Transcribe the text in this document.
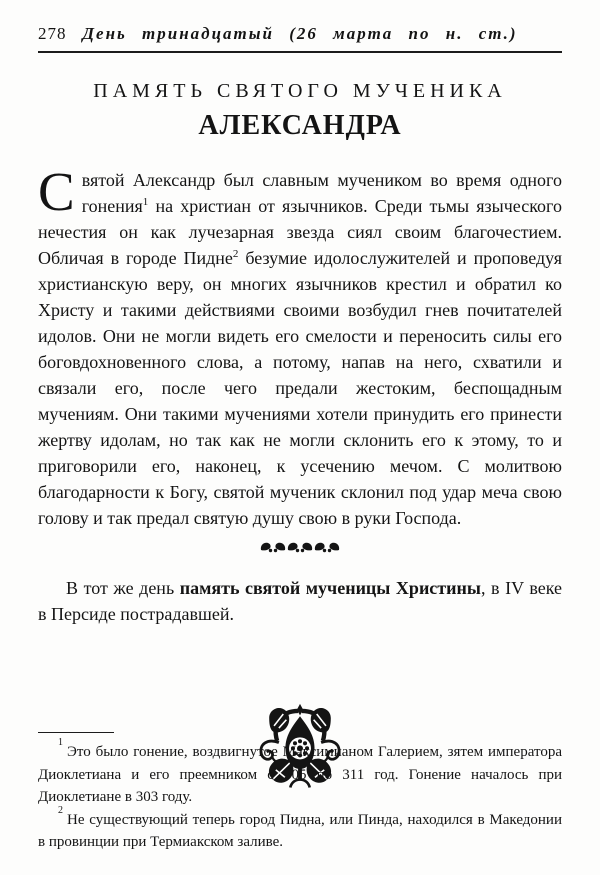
278 День тринадцатый (26 марта по н. ст.)
ПАМЯТЬ СВЯТОГО МУЧЕНИКА
АЛЕКСАНДРА
Святой Александр был славным мучеником во время одного гонения$^1$ на христиан от язычников. Среди тьмы языческого нечестия он как лучезарная звезда сиял своим благочестием. Обличая в городе Пидне$^2$ безумие идолослужителей и проповедуя христианскую веру, он многих язычников крестил и обратил ко Христу и такими действиями своими возбудил гнев почитателей идолов. Они не могли видеть его смелости и переносить силы его боговдохновенного слова, а потому, напав на него, схватили и связали его, после чего предали жестоким, беспощадным мучениям. Они такими мучениями хотели принудить его принести жертву идолам, но так как не могли склонить его к этому, то и приговорили его, наконец, к усечению мечом. С молитвою благодарности к Богу, святой мученик склонил под удар меча свою голову и так предал святую душу свою в руки Господа.
В тот же день память святой мученицы Христины, в IV веке в Персиде пострадавшей.
$^1$Это было гонение, воздвигнутое Максимианом Галерием, зятем императора Диоклетиана и его преемником с 305 по 311 год. Гонение началось при Диоклетиане в 303 году.
$^2$Не существующий теперь город Пидна, или Пинда, находился в Македонии в провинции при Термиакском заливе.
